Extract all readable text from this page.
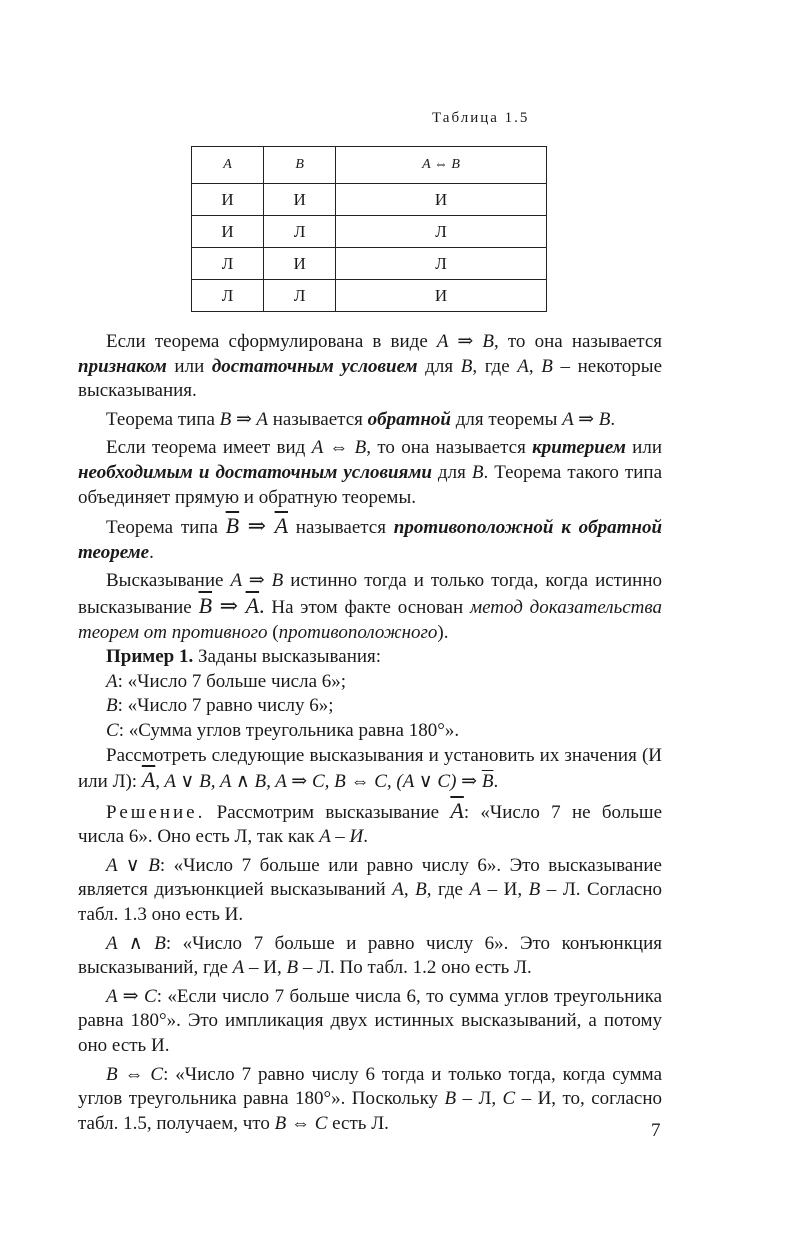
Таблица 1.5
A	B	A ⇔ B
И	И	И
И	Л	Л
Л	И	Л
Л	Л	И

Если теорема сформулирована в виде A ⇒ B, то она называется признаком или достаточным условием для B, где A, B – некоторые высказывания.

Теорема типа B ⇒ A называется обратной для теоремы A ⇒ B.

Если теорема имеет вид A ⇔ B, то она называется критерием или необходимым и достаточным условиями для B. Теорема такого типа объединяет прямую и обратную теоремы.

Теорема типа $\overline{B}$ ⇒ $\overline{A}$ называется противоположной к обратной теореме.

Высказывание A ⇒ B истинно тогда и только тогда, когда истинно высказывание $\overline{B}$ ⇒ $\overline{A}$. На этом факте основан метод доказательства теорем от противного (противоположного).

Пример 1. Заданы высказывания:

A: «Число 7 больше числа 6»;

B: «Число 7 равно числу 6»;

C: «Сумма углов треугольника равна 180°».

Рассмотреть следующие высказывания и установить их значения (И или Л): $\overline{A}$, A ∨ B, A ∧ B, A ⇒ C, B ⇔ C, (A ∨ C) ⇒ $\overline{B}$.

Решение. Рассмотрим высказывание $\overline{A}$: «Число 7 не больше числа 6». Оно есть Л, так как A – И.

A ∨ B: «Число 7 больше или равно числу 6». Это высказывание является дизъюнкцией высказываний A, B, где A – И, B – Л. Согласно табл. 1.3 оно есть И.

A ∧ B: «Число 7 больше и равно числу 6». Это конъюнкция высказываний, где A – И, B – Л. По табл. 1.2 оно есть Л.

A ⇒ C: «Если число 7 больше числа 6, то сумма углов треугольника равна 180°». Это импликация двух истинных высказываний, а потому оно есть И.

B ⇔ C: «Число 7 равно числу 6 тогда и только тогда, когда сумма углов треугольника равна 180°». Поскольку B – Л, C – И, то, согласно табл. 1.5, получаем, что B ⇔ C есть Л.	7
